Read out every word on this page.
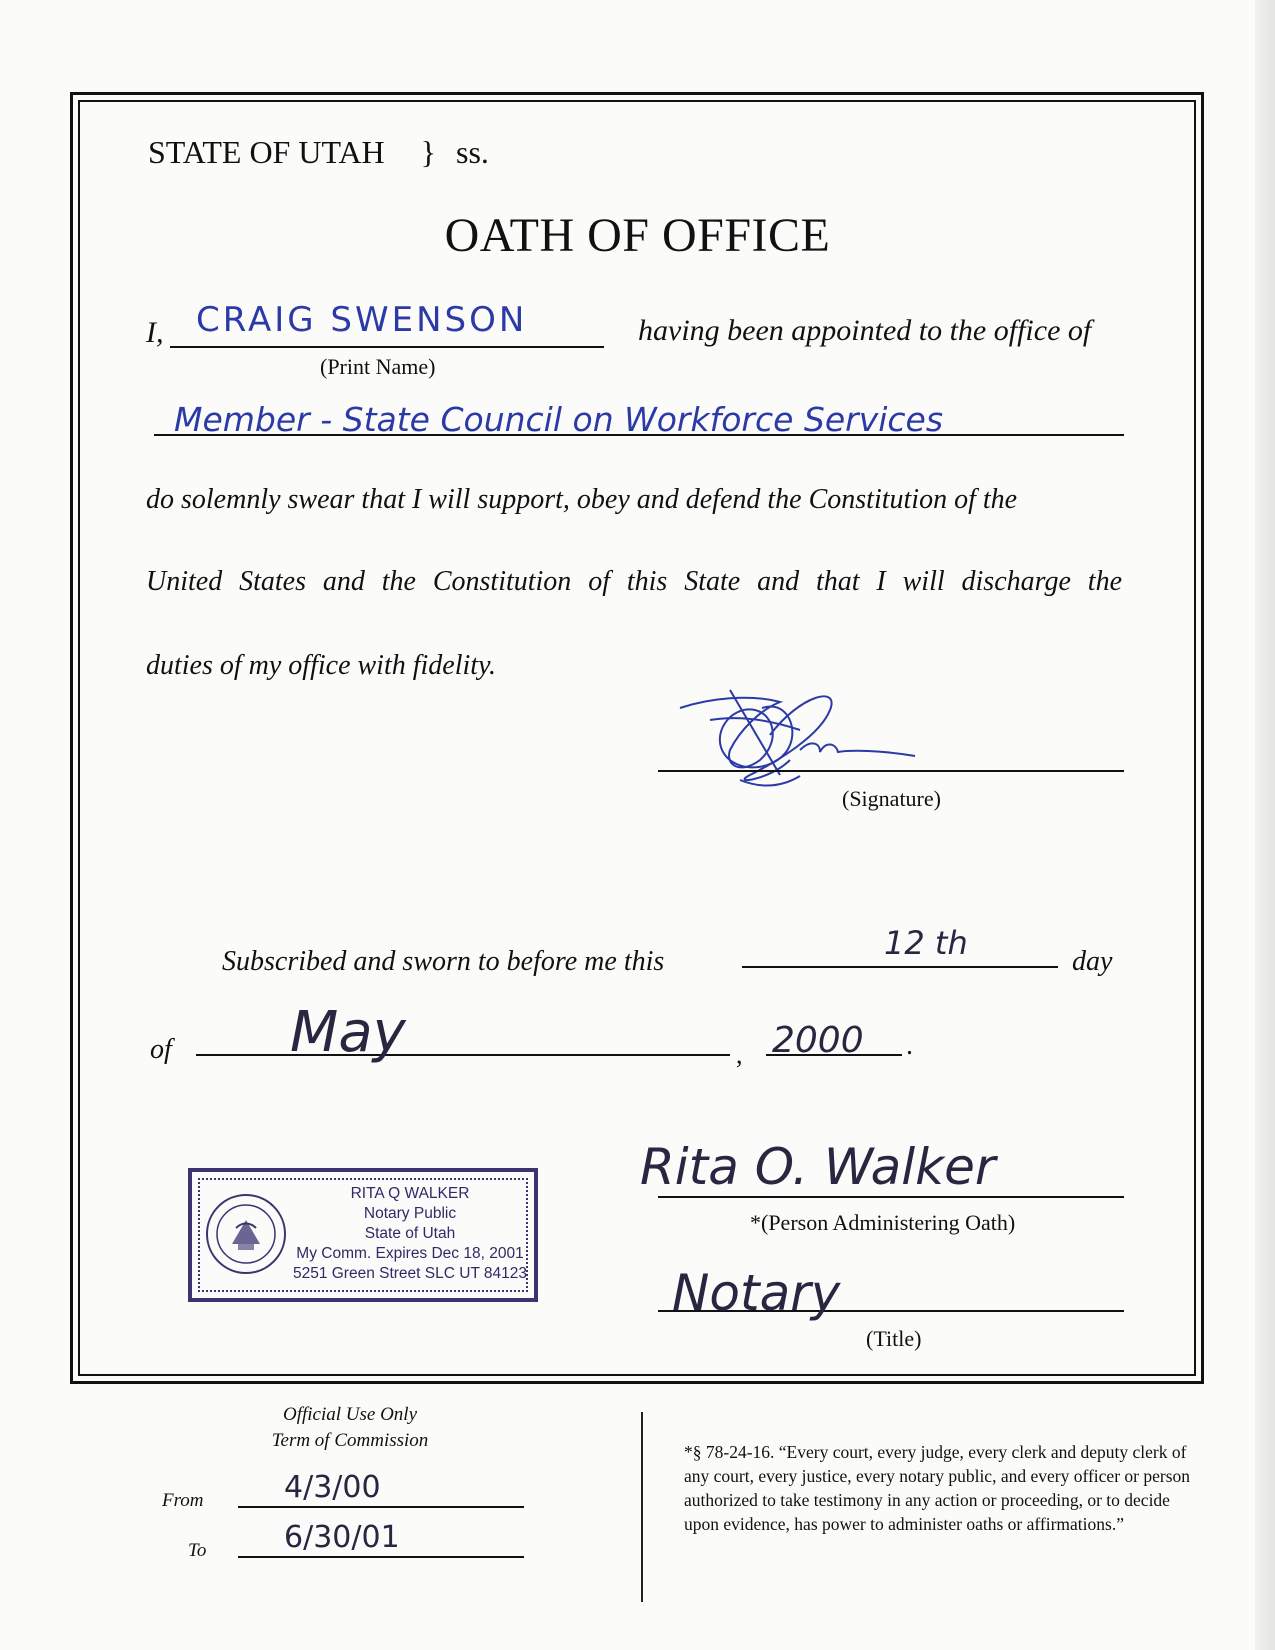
STATE OF UTAH } ss.
OATH OF OFFICE
I, CRAIG SWENSON
(Print Name)
having been appointed to the office of
Member - State Council on Workforce Services
do solemnly swear that I will support, obey and defend the Constitution of the
United States and the Constitution of this State and that I will discharge the
duties of my office with fidelity.
(Signature)
Subscribed and sworn to before me this	12 th	day
of May	, 2000 .
RITA Q WALKER
Notary Public
State of Utah
My Comm. Expires Dec 18, 2001
5251 Green Street SLC UT 84123
Rita O. Walker
*(Person Administering Oath)
Notary
(Title)
Official Use Only
Term of Commission
From	4/3/00
To	6/30/01
*§ 78-24-16. “Every court, every judge, every clerk and deputy clerk of any court, every justice, every notary public, and every officer or person authorized to take testimony in any action or proceeding, or to decide upon evidence, has power to administer oaths or affirmations.”
